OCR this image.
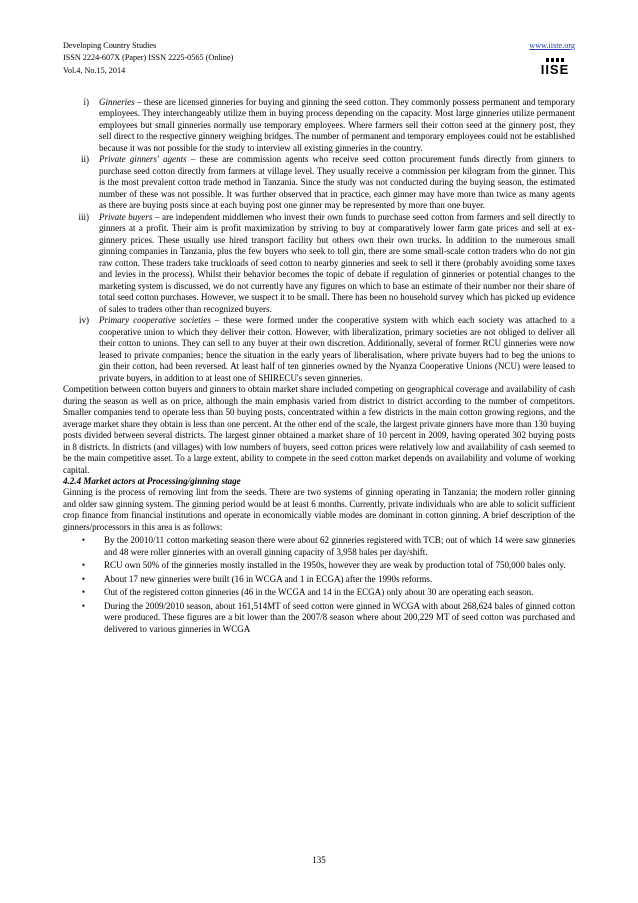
Developing Country Studies	www.iiste.org
ISSN 2224-607X (Paper) ISSN 2225-0565 (Online)
Vol.4, No.15, 2014	IISE
i)	Ginneries – these are licensed ginneries for buying and ginning the seed cotton. They commonly possess permanent and temporary employees. They interchangeably utilize them in buying process depending on the capacity. Most large ginneries utilize permanent employees but small ginneries normally use temporary employees. Where farmers sell their cotton seed at the ginnery post, they sell direct to the respective ginnery weighing bridges. The number of permanent and temporary employees could not be established because it was not possible for the study to interview all existing ginneries in the country.
ii)	Private ginners' agents – these are commission agents who receive seed cotton procurement funds directly from ginners to purchase seed cotton directly from farmers at village level. They usually receive a commission per kilogram from the ginner. This is the most prevalent cotton trade method in Tanzania. Since the study was not conducted during the buying season, the estimated number of these was not possible. It was further observed that in practice, each ginner may have more than twice as many agents as there are buying posts since at each buying post one ginner may be represented by more than one buyer.
iii)	Private buyers – are independent middlemen who invest their own funds to purchase seed cotton from farmers and sell directly to ginners at a profit. Their aim is profit maximization by striving to buy at comparatively lower farm gate prices and sell at ex-ginnery prices. These usually use hired transport facility but others own their own trucks. In addition to the numerous small ginning companies in Tanzania, plus the few buyers who seek to toll gin, there are some small-scale cotton traders who do not gin raw cotton. These traders take truckloads of seed cotton to nearby ginneries and seek to sell it there (probably avoiding some taxes and levies in the process). Whilst their behavior becomes the topic of debate if regulation of ginneries or potential changes to the marketing system is discussed, we do not currently have any figures on which to base an estimate of their number nor their share of total seed cotton purchases. However, we suspect it to be small. There has been no household survey which has picked up evidence of sales to traders other than recognized buyers.
iv)	Primary cooperative societies – these were formed under the cooperative system with which each society was attached to a cooperative union to which they deliver their cotton. However, with liberalization, primary societies are not obliged to deliver all their cotton to unions. They can sell to any buyer at their own discretion. Additionally, several of former RCU ginneries were now leased to private companies; hence the situation in the early years of liberalisation, where private buyers had to beg the unions to gin their cotton, had been reversed. At least half of ten ginneries owned by the Nyanza Cooperative Unions (NCU) were leased to private buyers, in addition to at least one of SHIRECU's seven ginneries.

Competition between cotton buyers and ginners to obtain market share included competing on geographical coverage and availability of cash during the season as well as on price, although the main emphasis varied from district to district according to the number of competitors. Smaller companies tend to operate less than 50 buying posts, concentrated within a few districts in the main cotton growing regions, and the average market share they obtain is less than one percent. At the other end of the scale, the largest private ginners have more than 130 buying posts divided between several districts. The largest ginner obtained a market share of 10 percent in 2009, having operated 302 buying posts in 8 districts. In districts (and villages) with low numbers of buyers, seed cotton prices were relatively low and availability of cash seemed to be the main competitive asset. To a large extent, ability to compete in the seed cotton market depends on availability and volume of working capital.

4.2.4 Market actors at Processing/ginning stage

Ginning is the process of removing lint from the seeds. There are two systems of ginning operating in Tanzania; the modern roller ginning and older saw ginning system. The ginning period would be at least 6 months. Currently, private individuals who are able to solicit sufficient crop finance from financial institutions and operate in economically viable modes are dominant in cotton ginning. A brief description of the ginners/processors in this area is as follows:

•	By the 20010/11 cotton marketing season there were about 62 ginneries registered with TCB; out of which 14 were saw ginneries and 48 were roller ginneries with an overall ginning capacity of 3,958 bales per day/shift.
•	RCU own 50% of the ginneries mostly installed in the 1950s, however they are weak by production total of 750,000 bales only.
•	About 17 new ginneries were built (16 in WCGA and 1 in ECGA) after the 1990s reforms.
•	Out of the registered cotton ginneries (46 in the WCGA and 14 in the ECGA) only about 30 are operating each season.
•	During the 2009/2010 season, about 161,514MT of seed cotton were ginned in WCGA with about 268,624 bales of ginned cotton were produced. These figures are a bit lower than the 2007/8 season where about 200,229 MT of seed cotton was purchased and delivered to various ginneries in WCGA
135
